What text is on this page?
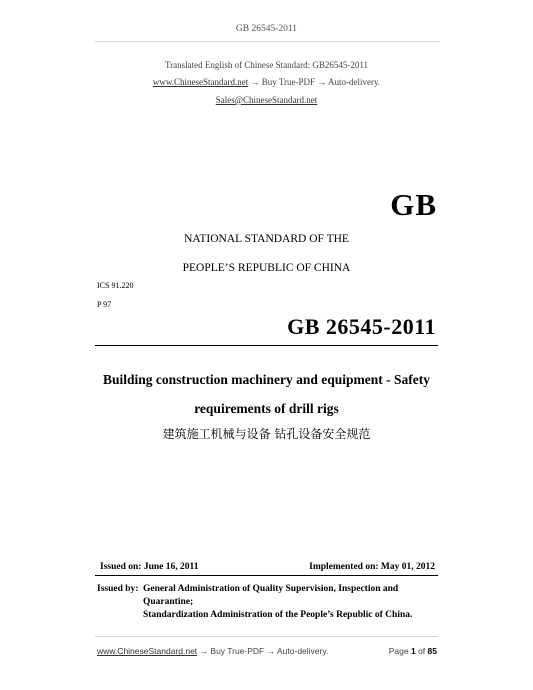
GB 26545-2011
Translated English of Chinese Standard: GB26545-2011
www.ChineseStandard.net → Buy True-PDF → Auto-delivery.
Sales@ChineseStandard.net
GB
NATIONAL STANDARD OF THE
PEOPLE’S REPUBLIC OF CHINA
ICS 91.220
P 97
GB 26545-2011
Building construction machinery and equipment - Safety
requirements of drill rigs
建筑施工机械与设备 钻孔设备安全规范
Issued on: June 16, 2011	Implemented on: May 01, 2012
Issued by: General Administration of Quality Supervision, Inspection and
Quarantine;
Standardization Administration of the People’s Republic of China.
www.ChineseStandard.net → Buy True-PDF → Auto-delivery.	Page 1 of 85
